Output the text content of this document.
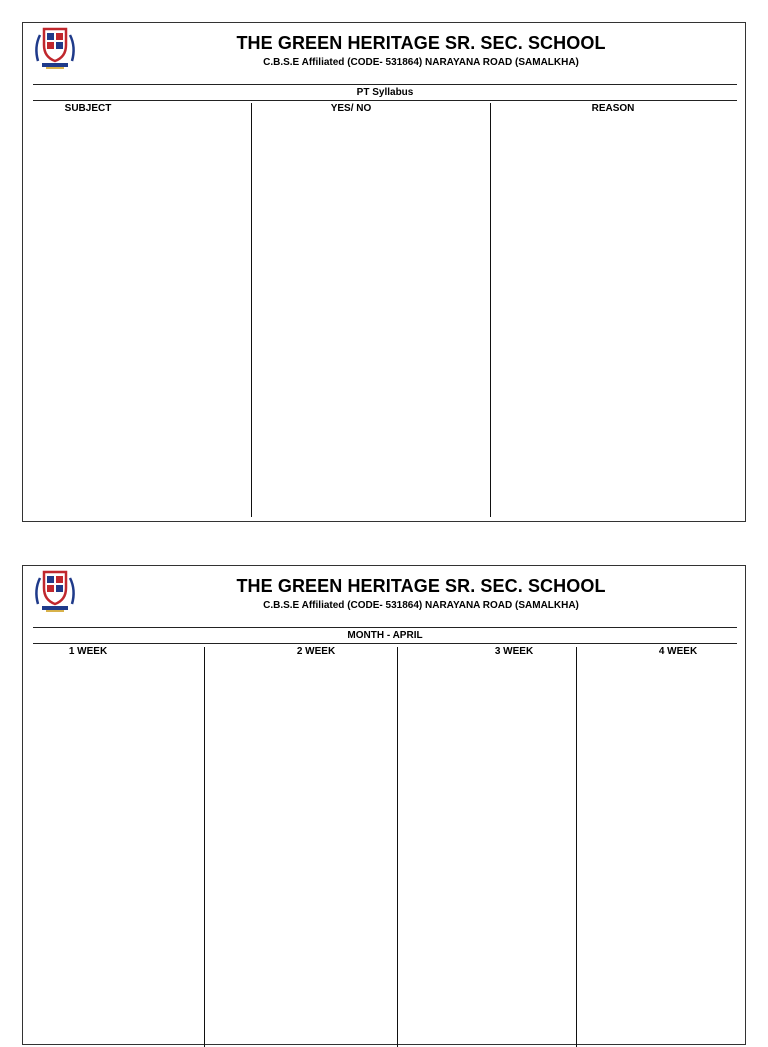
THE GREEN HERITAGE SR. SEC. SCHOOL
C.B.S.E Affiliated (CODE- 531864) NARAYANA ROAD (SAMALKHA)
PT Syllabus
SUBJECT	YES/ NO	REASON
THE GREEN HERITAGE SR. SEC. SCHOOL
C.B.S.E Affiliated (CODE- 531864) NARAYANA ROAD (SAMALKHA)
MONTH - APRIL
1 WEEK	2 WEEK	3 WEEK	4 WEEK
